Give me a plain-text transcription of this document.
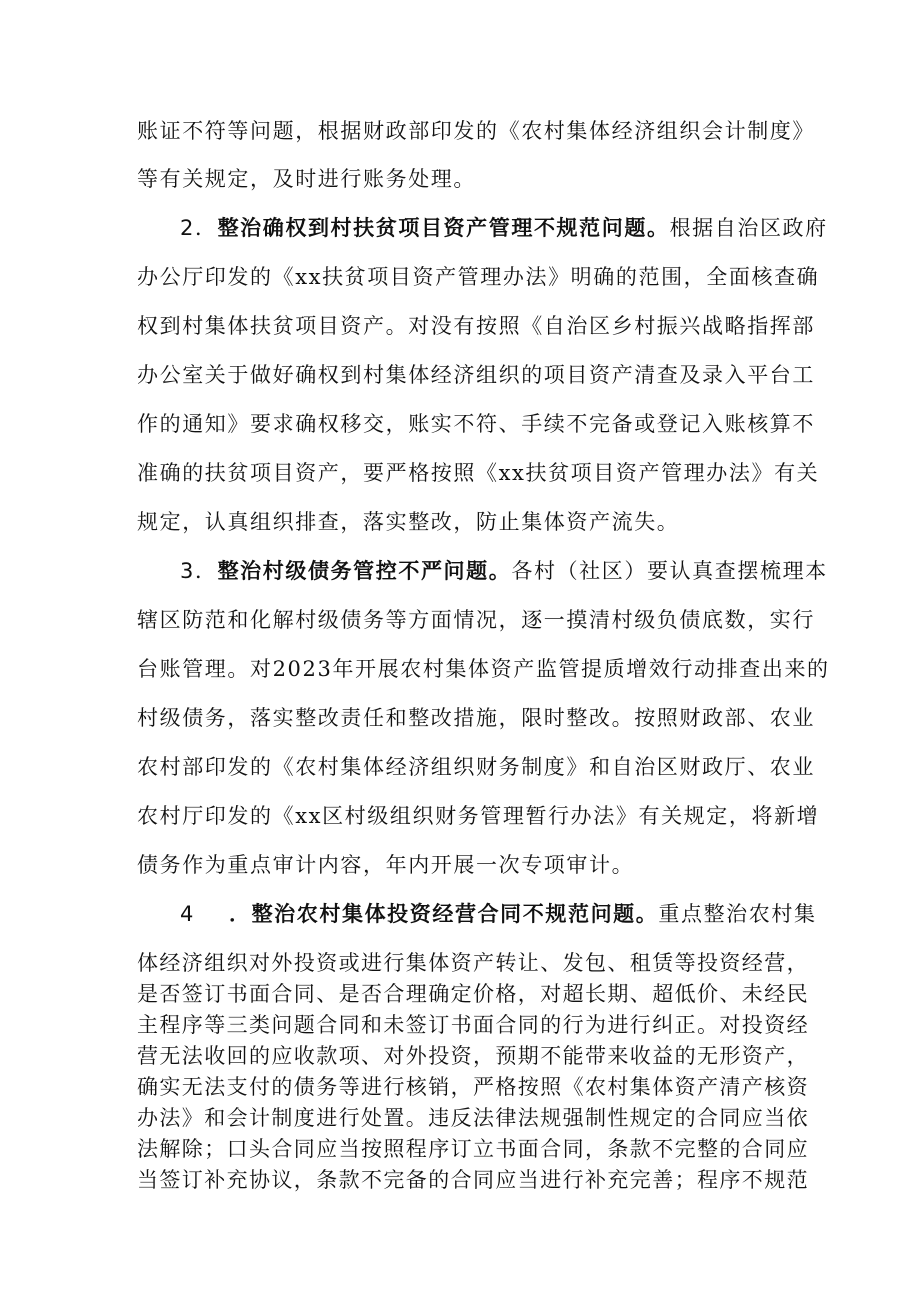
账证不符等问题，根据财政部印发的《农村集体经济组织会计制度》
等有关规定，及时进行账务处理。
2．整治确权到村扶贫项目资产管理不规范问题。根据自治区政府
办公厅印发的《xx扶贫项目资产管理办法》明确的范围，全面核查确
权到村集体扶贫项目资产。对没有按照《自治区乡村振兴战略指挥部
办公室关于做好确权到村集体经济组织的项目资产清查及录入平台工
作的通知》要求确权移交，账实不符、手续不完备或登记入账核算不
准确的扶贫项目资产，要严格按照《xx扶贫项目资产管理办法》有关
规定，认真组织排查，落实整改，防止集体资产流失。
3．整治村级债务管控不严问题。各村（社区）要认真查摆梳理本
辖区防范和化解村级债务等方面情况，逐一摸清村级负债底数，实行
台账管理。对2023年开展农村集体资产监管提质增效行动排查出来的
村级债务，落实整改责任和整改措施，限时整改。按照财政部、农业
农村部印发的《农村集体经济组织财务制度》和自治区财政厅、农业
农村厅印发的《xx区村级组织财务管理暂行办法》有关规定，将新增
债务作为重点审计内容，年内开展一次专项审计。
4 ．整治农村集体投资经营合同不规范问题。重点整治农村集
体经济组织对外投资或进行集体资产转让、发包、租赁等投资经营，
是否签订书面合同、是否合理确定价格，对超长期、超低价、未经民
主程序等三类问题合同和未签订书面合同的行为进行纠正。对投资经
营无法收回的应收款项、对外投资，预期不能带来收益的无形资产，
确实无法支付的债务等进行核销，严格按照《农村集体资产清产核资
办法》和会计制度进行处置。违反法律法规强制性规定的合同应当依
法解除；口头合同应当按照程序订立书面合同，条款不完整的合同应
当签订补充协议，条款不完备的合同应当进行补充完善；程序不规范
